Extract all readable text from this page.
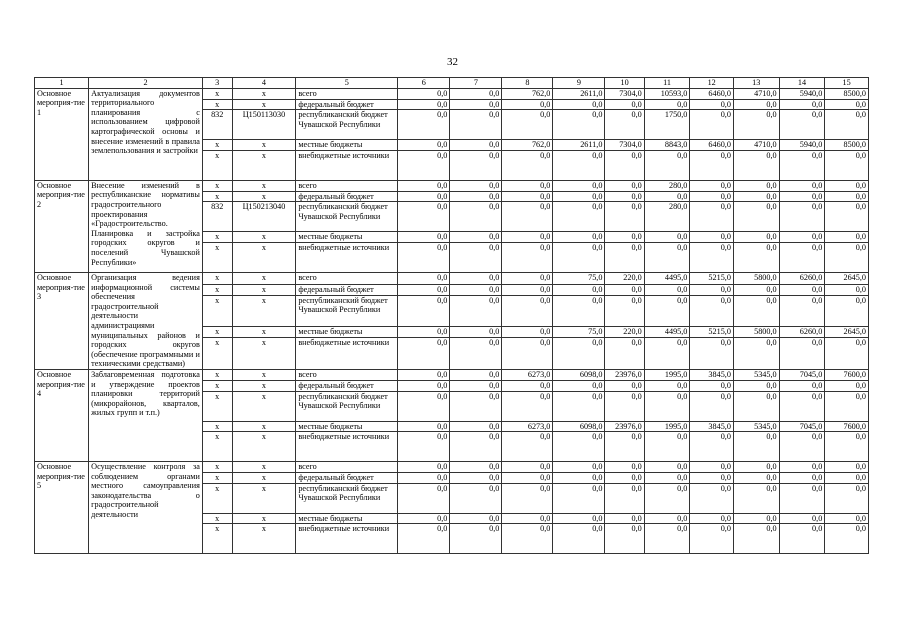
32
1	2	3	4	5	6	7	8	9	10	11	12	13	14	15
Основное мероприя-тие 1	Актуализация документов территориального планирования с использованием цифровой картографической основы и внесение изменений в правила землепользования и застройки	x	x	всего	0,0	0,0	762,0	2611,0	7304,0	10593,0	6460,0	4710,0	5940,0	8500,0
		x	x	федеральный бюджет	0,0	0,0	0,0	0,0	0,0	0,0	0,0	0,0	0,0	0,0
		832	Ц150113030	республиканский бюджет Чувашской Республики	0,0	0,0	0,0	0,0	0,0	1750,0	0,0	0,0	0,0	0,0
		x	x	местные бюджеты	0,0	0,0	762,0	2611,0	7304,0	8843,0	6460,0	4710,0	5940,0	8500,0
		x	x	внебюджетные источники	0,0	0,0	0,0	0,0	0,0	0,0	0,0	0,0	0,0	0,0
Основное мероприя-тие 2	Внесение изменений в республиканские нормативы градостроительного проектирования «Градостроительство. Планировка и застройка городских округов и поселений Чувашской Республики»	x	x	всего	0,0	0,0	0,0	0,0	0,0	280,0	0,0	0,0	0,0	0,0
		x	x	федеральный бюджет	0,0	0,0	0,0	0,0	0,0	0,0	0,0	0,0	0,0	0,0
		832	Ц150213040	республиканский бюджет Чувашской Республики	0,0	0,0	0,0	0,0	0,0	280,0	0,0	0,0	0,0	0,0
		x	x	местные бюджеты	0,0	0,0	0,0	0,0	0,0	0,0	0,0	0,0	0,0	0,0
		x	x	внебюджетные источники	0,0	0,0	0,0	0,0	0,0	0,0	0,0	0,0	0,0	0,0
Основное мероприя-тие 3	Организация ведения информационной системы обеспечения градостроительной деятельности администрациями муниципальных районов и городских округов (обеспечение программными и техническими средствами)	x	x	всего	0,0	0,0	0,0	75,0	220,0	4495,0	5215,0	5800,0	6260,0	2645,0
		x	x	федеральный бюджет	0,0	0,0	0,0	0,0	0,0	0,0	0,0	0,0	0,0	0,0
		x	x	республиканский бюджет Чувашской Республики	0,0	0,0	0,0	0,0	0,0	0,0	0,0	0,0	0,0	0,0
		x	x	местные бюджеты	0,0	0,0	0,0	75,0	220,0	4495,0	5215,0	5800,0	6260,0	2645,0
		x	x	внебюджетные источники	0,0	0,0	0,0	0,0	0,0	0,0	0,0	0,0	0,0	0,0
Основное мероприя-тие 4	Заблаговременная подготовка и утверждение проектов планировки территорий (микрорайонов, кварталов, жилых групп и т.п.)	x	x	всего	0,0	0,0	6273,0	6098,0	23976,0	1995,0	3845,0	5345,0	7045,0	7600,0
		x	x	федеральный бюджет	0,0	0,0	0,0	0,0	0,0	0,0	0,0	0,0	0,0	0,0
		x	x	республиканский бюджет Чувашской Республики	0,0	0,0	0,0	0,0	0,0	0,0	0,0	0,0	0,0	0,0
		x	x	местные бюджеты	0,0	0,0	6273,0	6098,0	23976,0	1995,0	3845,0	5345,0	7045,0	7600,0
		x	x	внебюджетные источники	0,0	0,0	0,0	0,0	0,0	0,0	0,0	0,0	0,0	0,0
Основное мероприя-тие 5	Осуществление контроля за соблюдением органами местного самоуправления законодательства о градостроительной деятельности	x	x	всего	0,0	0,0	0,0	0,0	0,0	0,0	0,0	0,0	0,0	0,0
		x	x	федеральный бюджет	0,0	0,0	0,0	0,0	0,0	0,0	0,0	0,0	0,0	0,0
		x	x	республиканский бюджет Чувашской Республики	0,0	0,0	0,0	0,0	0,0	0,0	0,0	0,0	0,0	0,0
		x	x	местные бюджеты	0,0	0,0	0,0	0,0	0,0	0,0	0,0	0,0	0,0	0,0
		x	x	внебюджетные источники	0,0	0,0	0,0	0,0	0,0	0,0	0,0	0,0	0,0	0,0
